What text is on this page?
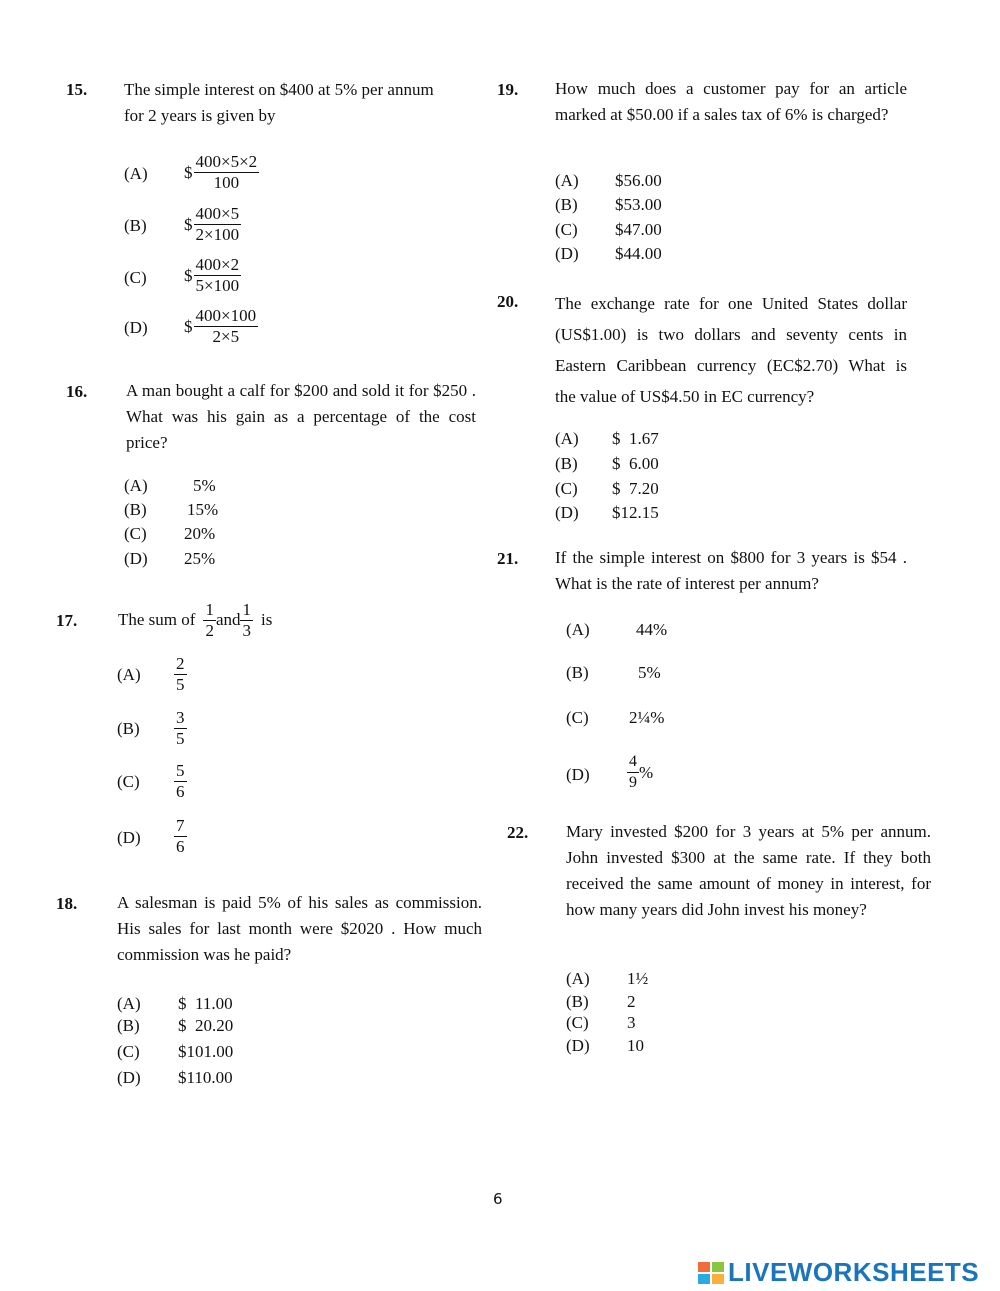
15. The simple interest on $400 at 5% per annum
for 2 years is given by
(A) $ $\frac{400\times 5\times 2}{100}$
(B) $ $\frac{400\times 5}{2\times 100}$
(C) $ $\frac{400\times 2}{5\times 100}$
(D) $ $\frac{400\times 100}{2\times 5}$
16. A man bought a calf for $200 and sold it for $250 . What was his gain as a percentage of the cost price?
(A)	5%
(B) 15%
(C) 20%
(D) 25%
17. The sum of $\frac{1}{2}$ and $\frac{1}{3}$ is
$(A) \frac{2}{5}$
$(B) \frac{3}{5}$
$(C) \frac{5}{6}$
$(D) \frac{7}{6}$
18. A salesman is paid 5% of his sales as commission. His sales for last month were $2020 . How much commission was he paid?
(A) $  11.00
(B) $  20.20
(C) $101.00
(D) $110.00
19. How much does a customer pay for an article marked at $50.00 if a sales tax of 6% is charged?
(A) $56.00
(B) $53.00
(C) $47.00
(D) $44.00
20. The exchange rate for one United States dollar
(US$1.00) is two dollars and seventy cents in
Eastern Caribbean currency (EC$2.70) What is
the value of US$4.50 in EC currency?
(A) $  1.67
(B) $  6.00
(C) $  7.20
(D) $12.15
21. If the simple interest on $800 for 3 years is $54 . What is the rate of interest per annum?
(A)	44%
(B)	5%
(C) 2¼%
$(D) \frac{4}{9}$ %
22. Mary invested $200 for 3 years at 5% per annum. John invested $300 at the same rate. If they both received the same amount of money in interest, for how many years did John invest his money?
(A) 1½
(B) 2
(C) 3
(D) 10
6
LIVEWORKSHEETS
